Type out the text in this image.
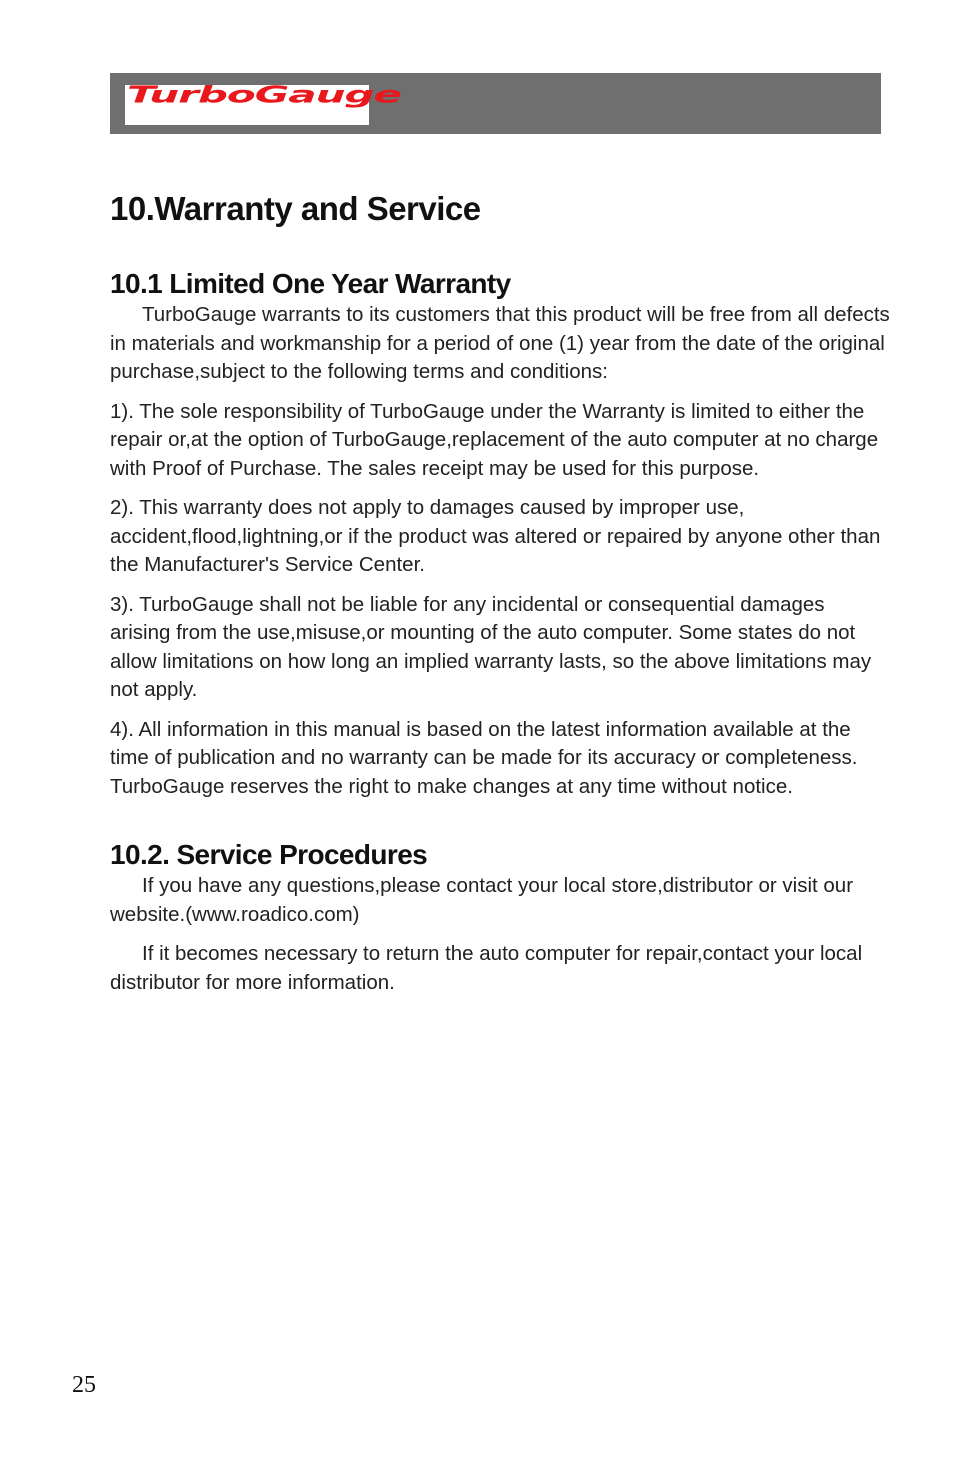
TurboGauge
10.Warranty and Service
10.1 Limited One Year Warranty

TurboGauge warrants to its customers that this product will be free from all defects in materials and workmanship for a period of one (1) year from the date of the original purchase,subject to the following terms and conditions:

1). The sole responsibility of TurboGauge under the Warranty is limited to either the repair or,at the option of TurboGauge,replacement of the auto computer at no charge with Proof of Purchase. The sales receipt may be used for this purpose.

2). This warranty does not apply to damages caused by improper use, accident,flood,lightning,or if the product was altered or repaired by anyone other than the Manufacturer's Service Center.

3). TurboGauge shall not be liable for any incidental or consequential damages arising from the use,misuse,or mounting of the auto computer. Some states do not allow limitations on how long an implied warranty lasts, so the above limitations may not apply.

4). All information in this manual is based on the latest information available at the time of publication and no warranty can be made for its accuracy or completeness. TurboGauge reserves the right to make changes at any time without notice.

10.2. Service Procedures

If you have any questions,please contact your local store,distributor or visit our website.(www.roadico.com)

If it becomes necessary to return the auto computer for repair,contact your local distributor for more information.

25
